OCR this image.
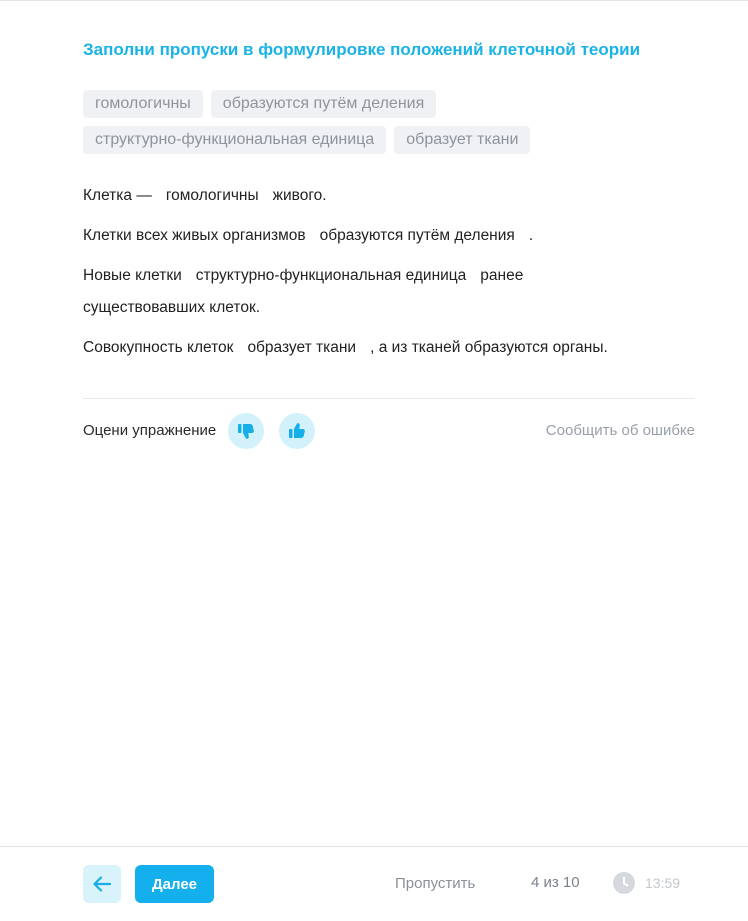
Заполни пропуски в формулировке положений клеточной теории
гомологичны	образуются путём деления
структурно-функциональная единица	образует ткани
Клетка — гомологичны живого.
Клетки всех живых организмов образуются путём деления .
Новые клетки структурно-функциональная единица ранее существовавших клеток.
Совокупность клеток образует ткани , а из тканей образуются органы.
Оцени упражнение	Сообщить об ошибке
Далее	Пропустить	4 из 10	13:59
